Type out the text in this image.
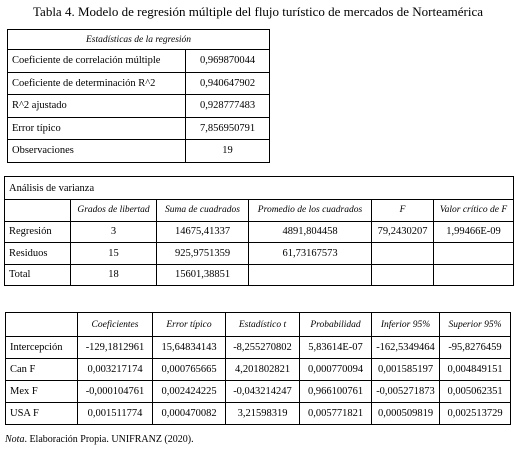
Tabla 4. Modelo de regresión múltiple del flujo turístico de mercados de Norteamérica
Estadísticas de la regresión	
Coeficiente de correlación múltiple	0,969870044
Coeficiente de determinación R^2	0,940647902
R^2 ajustado	0,928777483
Error típico	7,856950791
Observaciones	19
Análisis de varianza					
	Grados de libertad	Suma de cuadrados	Promedio de los cuadrados	F	Valor crítico de F
Regresión	3	14675,41337	4891,804458	79,2430207	1,99466E-09
Residuos	15	925,9751359	61,73167573		
Total	18	15601,38851			
	Coeficientes	Error típico	Estadístico t	Probabilidad	Inferior 95%	Superior 95%
Intercepción	-129,1812961	15,64834143	-8,255270802	5,83614E-07	-162,5349464	-95,8276459
Can F	0,003217174	0,000765665	4,201802821	0,000770094	0,001585197	0,004849151
Mex F	-0,000104761	0,002424225	-0,043214247	0,966100761	-0,005271873	0,005062351
USA F	0,001511774	0,000470082	3,21598319	0,005771821	0,000509819	0,002513729
Nota. Elaboración Propia. UNIFRANZ (2020).
